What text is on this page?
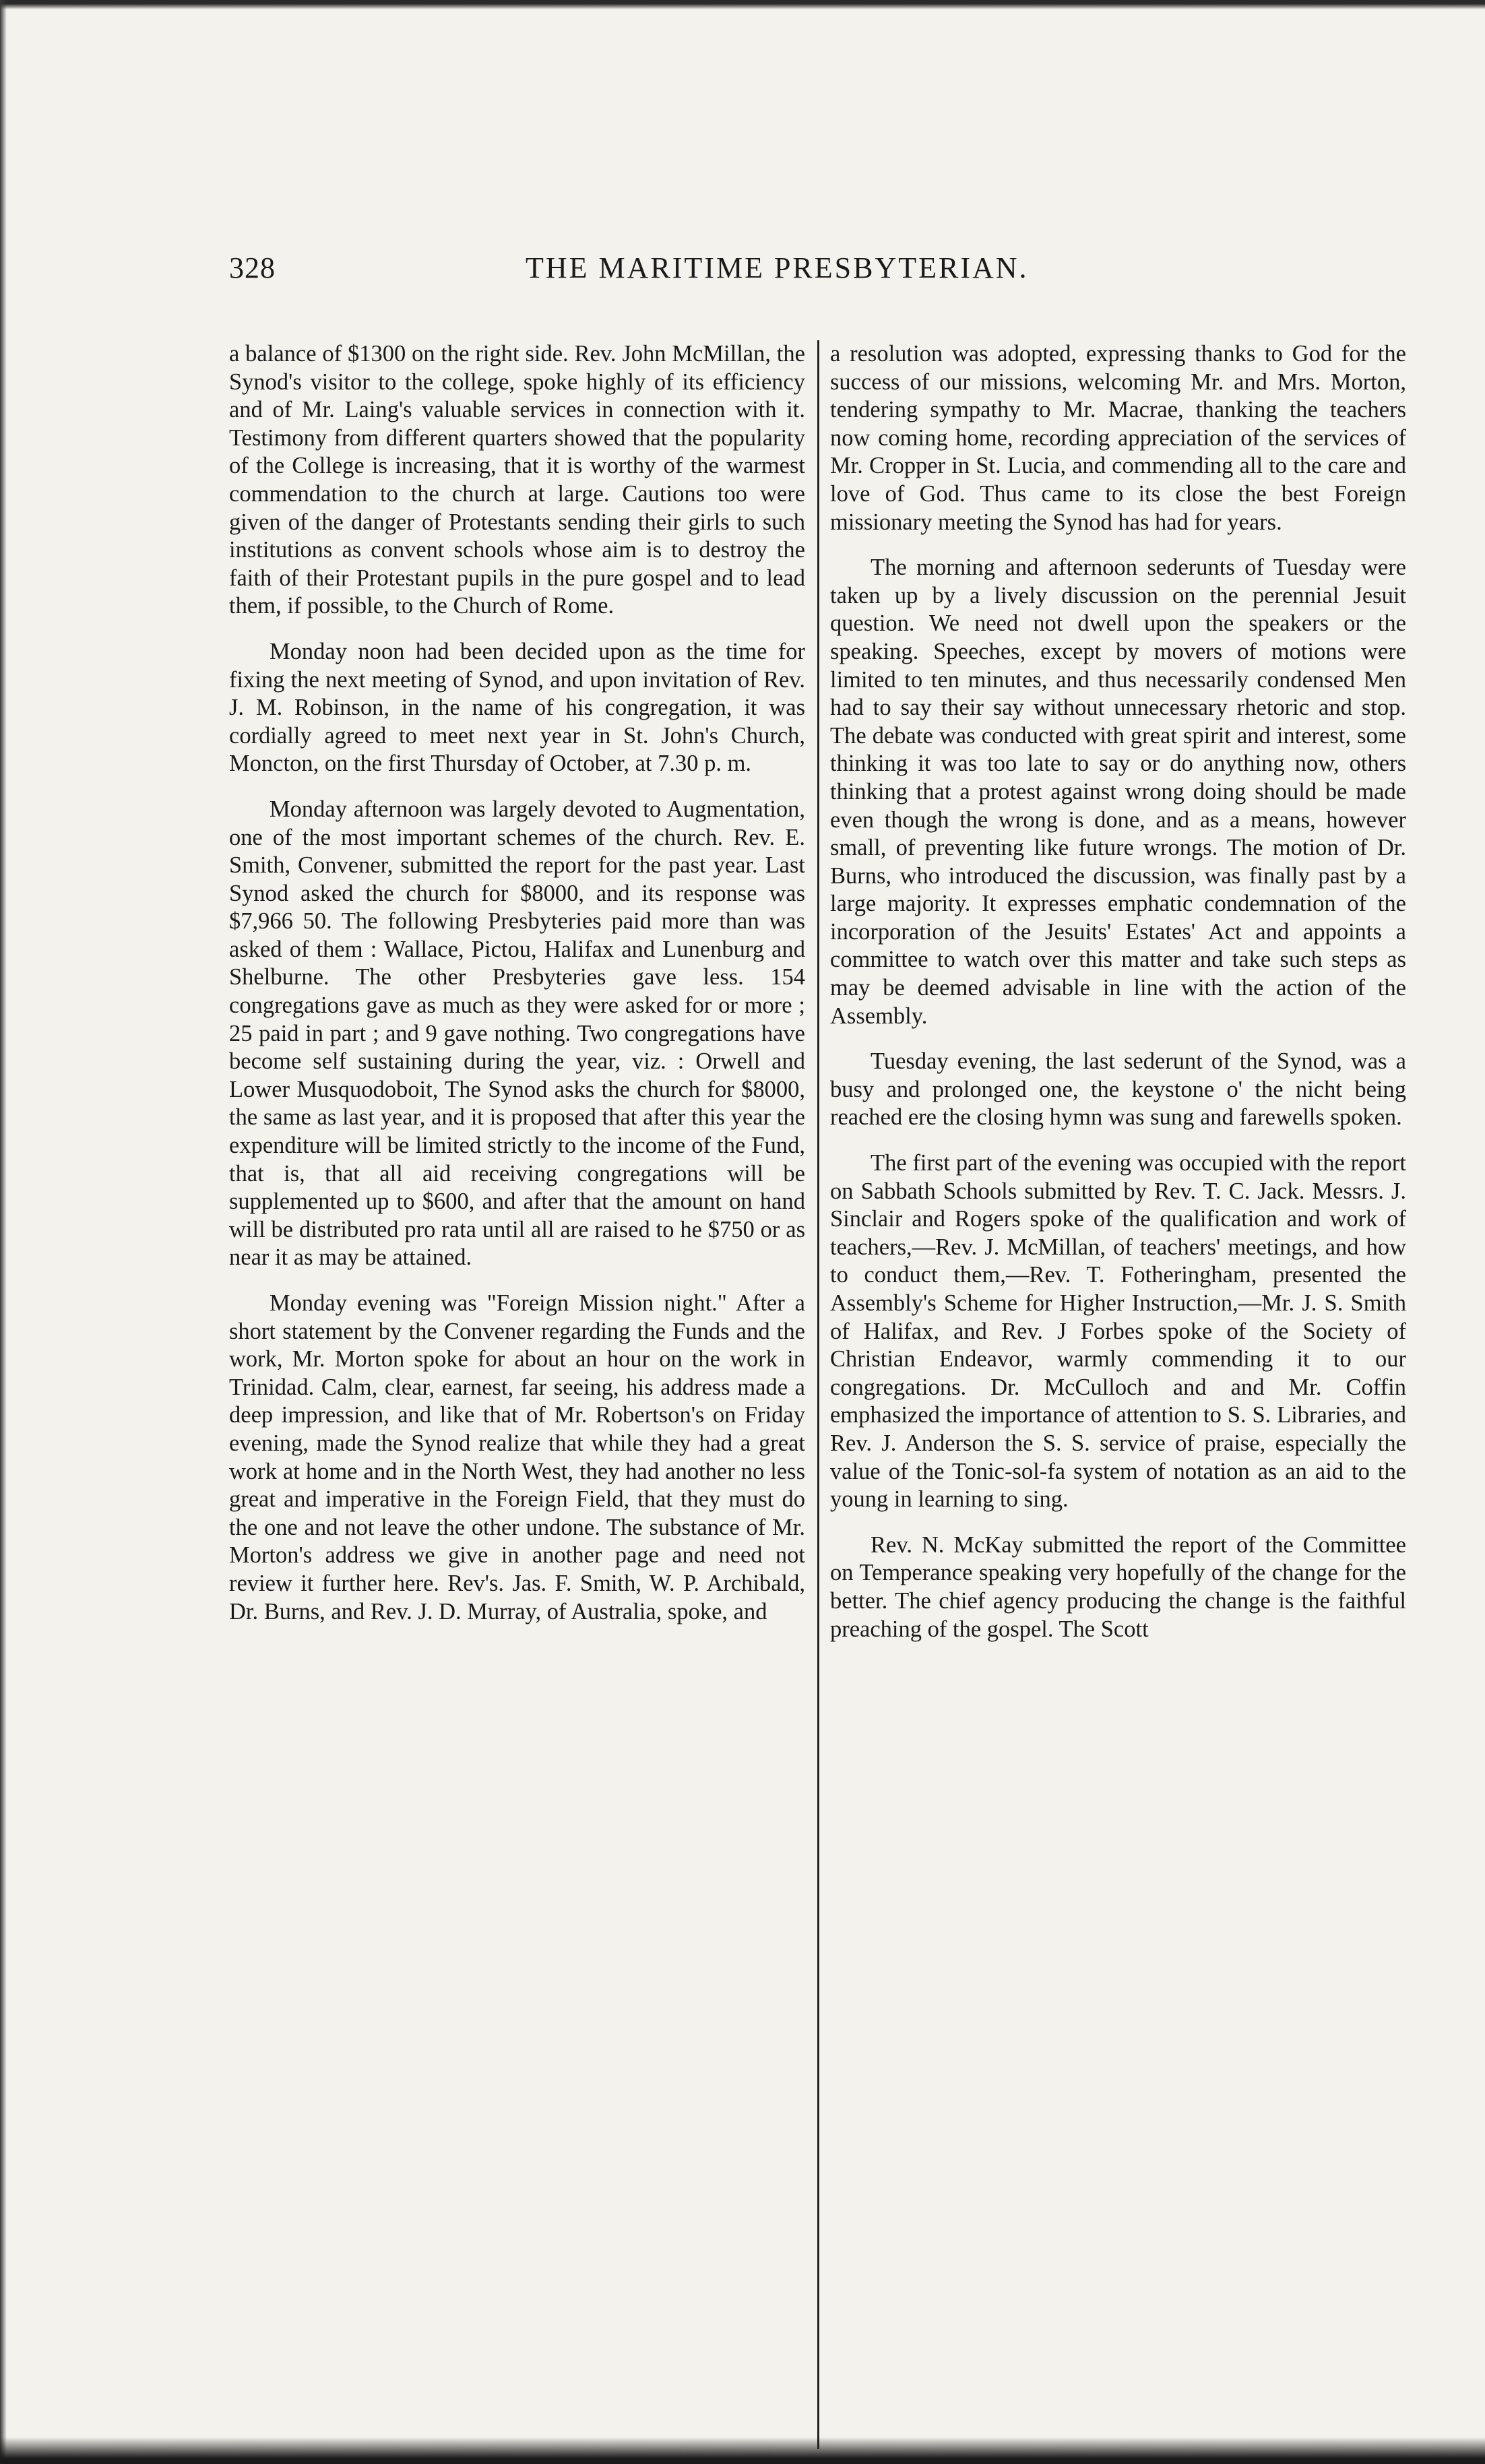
328	THE MARITIME PRESBYTERIAN.

a balance of $1300 on the right side. Rev. John McMillan, the Synod's visitor to the college, spoke highly of its efficiency and of Mr. Laing's valuable services in connection with it. Testimony from different quarters showed that the popularity of the College is increasing, that it is worthy of the warmest commendation to the church at large. Cautions too were given of the danger of Protestants sending their girls to such institutions as convent schools whose aim is to destroy the faith of their Protestant pupils in the pure gospel and to lead them, if possible, to the Church of Rome.

Monday noon had been decided upon as the time for fixing the next meeting of Synod, and upon invitation of Rev. J. M. Robinson, in the name of his congregation, it was cordially agreed to meet next year in St. John's Church, Moncton, on the first Thursday of October, at 7.30 p. m.

Monday afternoon was largely devoted to Augmentation, one of the most important schemes of the church. Rev. E. Smith, Convener, submitted the report for the past year. Last Synod asked the church for $8000, and its response was $7,966 50. The following Presbyteries paid more than was asked of them : Wallace, Pictou, Halifax and Lunenburg and Shelburne. The other Presbyteries gave less. 154 congregations gave as much as they were asked for or more ; 25 paid in part ; and 9 gave nothing. Two congregations have become self sustaining during the year, viz. : Orwell and Lower Musquodoboit, The Synod asks the church for $8000, the same as last year, and it is proposed that after this year the expenditure will be limited strictly to the income of the Fund, that is, that all aid receiving congregations will be supplemented up to $600, and after that the amount on hand will be distributed pro rata until all are raised to he $750 or as near it as may be attained.

Monday evening was "Foreign Mission night." After a short statement by the Convener regarding the Funds and the work, Mr. Morton spoke for about an hour on the work in Trinidad. Calm, clear, earnest, far seeing, his address made a deep impression, and like that of Mr. Robertson's on Friday evening, made the Synod realize that while they had a great work at home and in the North West, they had another no less great and imperative in the Foreign Field, that they must do the one and not leave the other undone. The substance of Mr. Morton's address we give in another page and need not review it further here. Rev's. Jas. F. Smith, W. P. Archibald, Dr. Burns, and Rev. J. D. Murray, of Australia, spoke, and

a resolution was adopted, expressing thanks to God for the success of our missions, welcoming Mr. and Mrs. Morton, tendering sympathy to Mr. Macrae, thanking the teachers now coming home, recording appreciation of the services of Mr. Cropper in St. Lucia, and commending all to the care and love of God. Thus came to its close the best Foreign missionary meeting the Synod has had for years.

The morning and afternoon sederunts of Tuesday were taken up by a lively discussion on the perennial Jesuit question. We need not dwell upon the speakers or the speaking. Speeches, except by movers of motions were limited to ten minutes, and thus necessarily condensed Men had to say their say without unnecessary rhetoric and stop. The debate was conducted with great spirit and interest, some thinking it was too late to say or do anything now, others thinking that a protest against wrong doing should be made even though the wrong is done, and as a means, however small, of preventing like future wrongs. The motion of Dr. Burns, who introduced the discussion, was finally past by a large majority. It expresses emphatic condemnation of the incorporation of the Jesuits' Estates' Act and appoints a committee to watch over this matter and take such steps as may be deemed advisable in line with the action of the Assembly.

Tuesday evening, the last sederunt of the Synod, was a busy and prolonged one, the keystone o' the nicht being reached ere the closing hymn was sung and farewells spoken.

The first part of the evening was occupied with the report on Sabbath Schools submitted by Rev. T. C. Jack. Messrs. J. Sinclair and Rogers spoke of the qualification and work of teachers,—Rev. J. McMillan, of teachers' meetings, and how to conduct them,—Rev. T. Fotheringham, presented the Assembly's Scheme for Higher Instruction,—Mr. J. S. Smith of Halifax, and Rev. J Forbes spoke of the Society of Christian Endeavor, warmly commending it to our congregations. Dr. McCulloch and and Mr. Coffin emphasized the importance of attention to S. S. Libraries, and Rev. J. Anderson the S. S. service of praise, especially the value of the Tonic-sol-fa system of notation as an aid to the young in learning to sing.

Rev. N. McKay submitted the report of the Committee on Temperance speaking very hopefully of the change for the better. The chief agency producing the change is the faithful preaching of the gospel. The Scott
